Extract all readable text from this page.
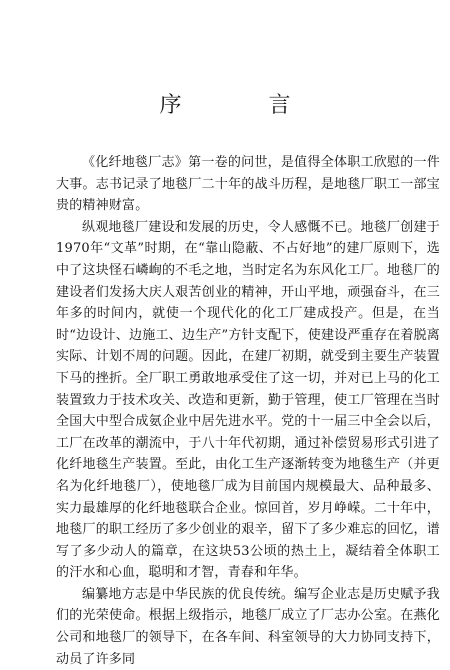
序 言

《化纤地毯厂志》第一卷的问世，是值得全体职工欣慰的一件大事。志书记录了地毯厂二十年的战斗历程，是地毯厂职工一部宝贵的精神财富。

纵观地毯厂建设和发展的历史，令人感慨不已。地毯厂创建于1970年“文革”时期，在“靠山隐蔽、不占好地”的建厂原则下，选中了这块怪石嶙峋的不毛之地，当时定名为东风化工厂。地毯厂的建设者们发扬大庆人艰苦创业的精神，开山平地，顽强奋斗，在三年多的时间内，就使一个现代化的化工厂建成投产。但是，在当时“边设计、边施工、边生产”方针支配下，使建设严重存在着脱离实际、计划不周的问题。因此，在建厂初期，就受到主要生产装置下马的挫折。全厂职工勇敢地承受住了这一切，并对已上马的化工装置致力于技术攻关、改造和更新，勤于管理，使工厂管理在当时全国大中型合成氨企业中居先进水平。党的十一届三中全会以后，工厂在改革的潮流中，于八十年代初期，通过补偿贸易形式引进了化纤地毯生产装置。至此，由化工生产逐渐转变为地毯生产（并更名为化纤地毯厂），使地毯厂成为目前国内规模最大、品种最多、实力最雄厚的化纤地毯联合企业。惊回首，岁月峥嵘。二十年中，地毯厂的职工经历了多少创业的艰辛，留下了多少难忘的回忆，谱写了多少动人的篇章，在这块53公顷的热土上，凝结着全体职工的汗水和心血，聪明和才智，青春和年华。

编纂地方志是中华民族的优良传统。编写企业志是历史赋予我们的光荣使命。根据上级指示，地毯厂成立了厂志办公室。在燕化公司和地毯厂的领导下，在各车间、科室领导的大力协同支持下，动员了许多同
